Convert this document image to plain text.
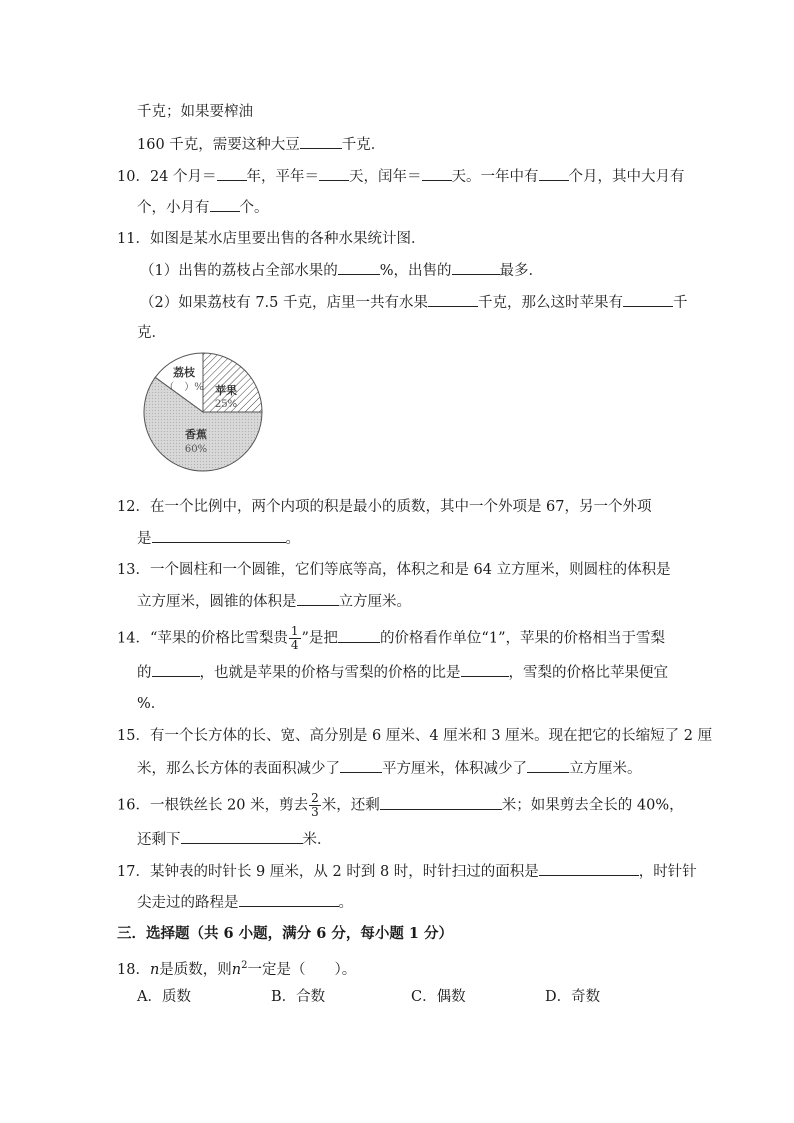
千克；如果要榨油
160 千克，需要这种大豆	千克．
10．24 个月＝ 年，平年＝ 天，闰年＝ 天。一年中有 个月，其中大月有
个，小月有 个。
11．如图是某水店里要出售的各种水果统计图．
（1）出售的荔枝占全部水果的	%，出售的	最多．
（2）如果荔枝有 7.5 千克，店里一共有水果	千克，那么这时苹果有	千
克．
荔枝
（　）% 苹果
25%
香蕉
60%
12．在一个比例中，两个内项的积是最小的质数，其中一个外项是 67，另一个外项
是	。
13．一个圆柱和一个圆锥，它们等底等高，体积之和是 64 立方厘米，则圆柱的体积是
立方厘米，圆锥的体积是	立方厘米。
14．“苹果的价格比雪梨贵 $\frac{1}{4}$ ”是把	的价格看作单位“1”，苹果的价格相当于雪梨
的	，也就是苹果的价格与雪梨的价格的比是	，雪梨的价格比苹果便宜
%．
15．有一个长方体的长、宽、高分别是 6 厘米、4 厘米和 3 厘米。现在把它的长缩短了 2 厘
米，那么长方体的表面积减少了	平方厘米，体积减少了	立方厘米。
16．一根铁丝长 20 米，剪去 $\frac{2}{3}$ 米，还剩	米；如果剪去全长的 40%，
还剩下	米．
17．某钟表的时针长 9 厘米，从 2 时到 8 时，时针扫过的面积是	，时针针
尖走过的路程是	。
三．选择题（共 6 小题，满分 6 分，每小题 1 分）
18．n是质数，则$n^2$一定是（　　）。
A．质数	B．合数	C．偶数	D．奇数
